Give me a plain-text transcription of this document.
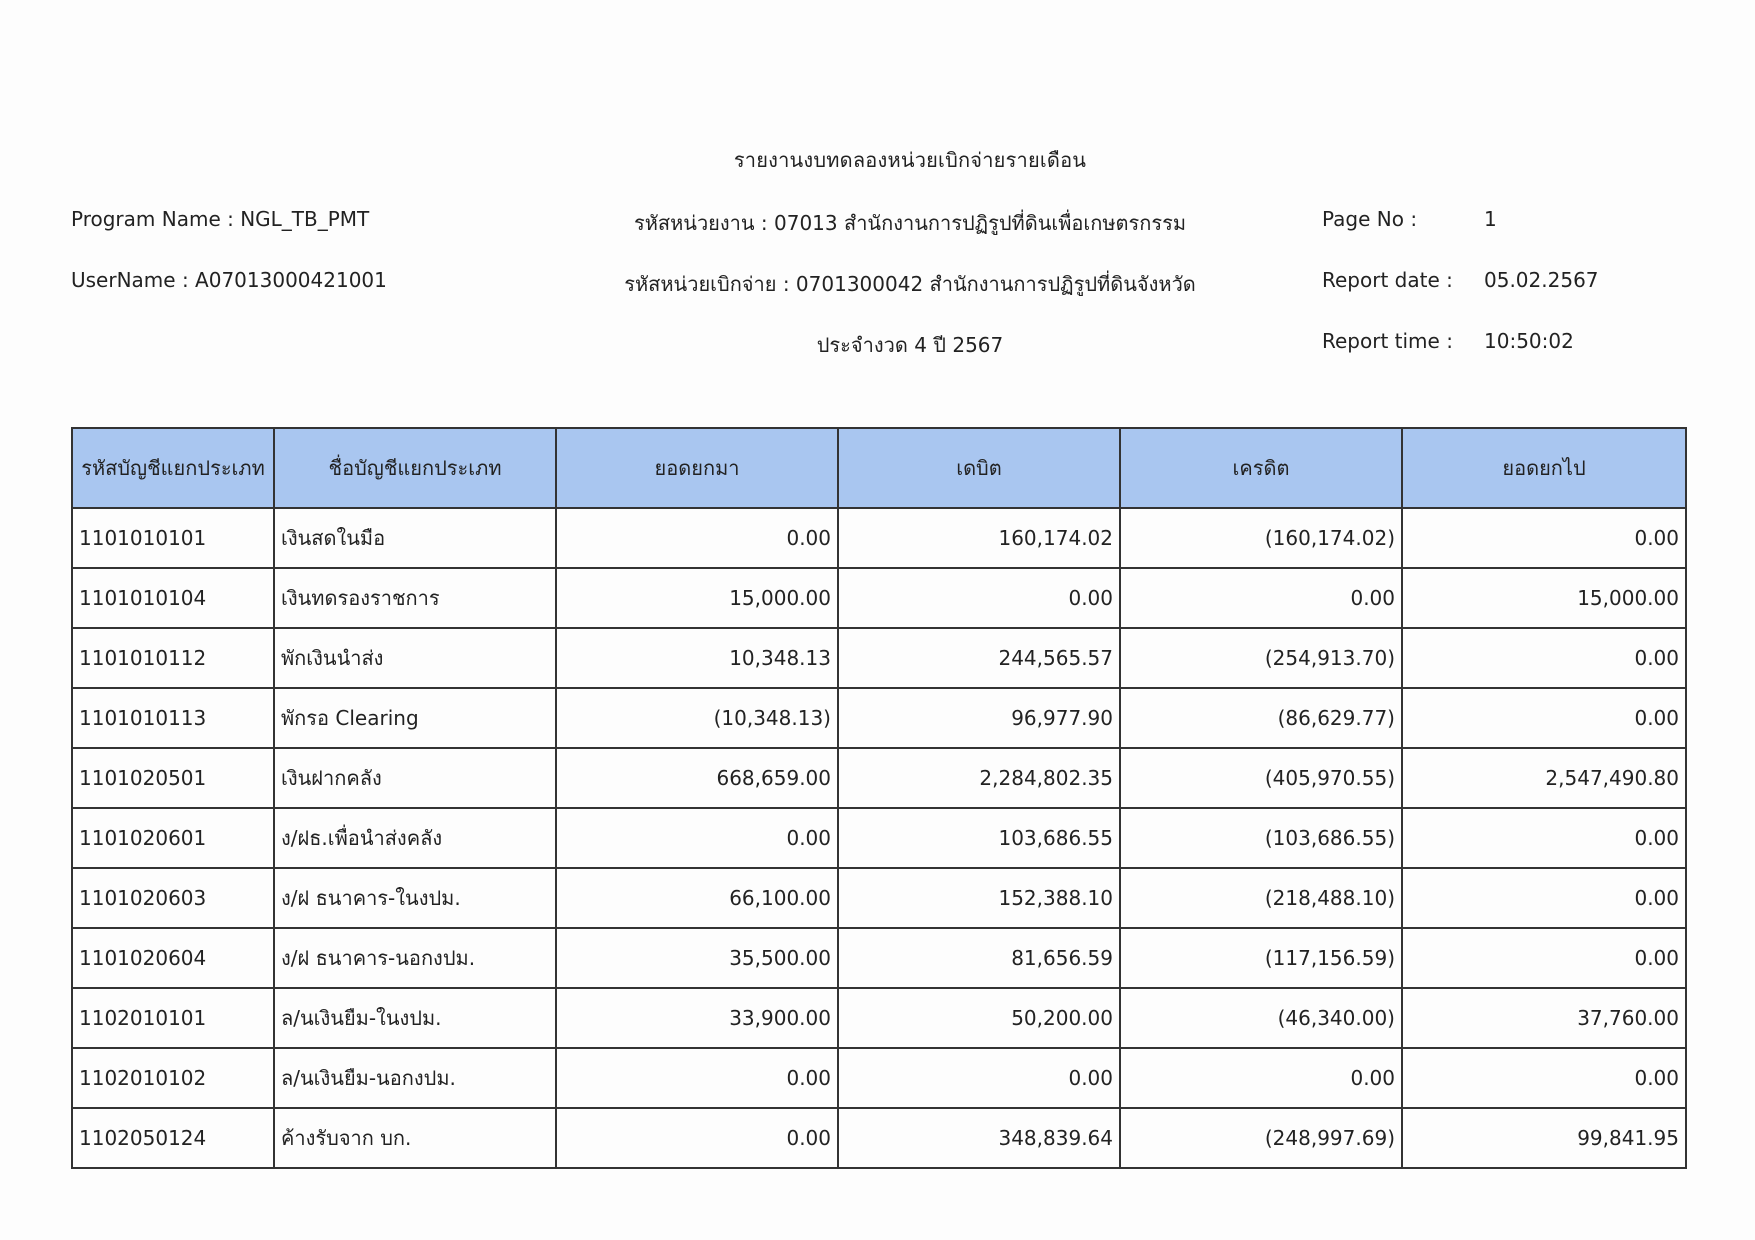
รายงานงบทดลองหน่วยเบิกจ่ายรายเดือน
Program Name : NGL_TB_PMT
UserName : A07013000421001
รหัสหน่วยงาน : 07013 สำนักงานการปฏิรูปที่ดินเพื่อเกษตรกรรม
รหัสหน่วยเบิกจ่าย : 0701300042 สำนักงานการปฏิรูปที่ดินจังหวัด
ประจำงวด 4 ปี 2567
Page No :	1
Report date : 05.02.2567
Report time : 10:50:02
รหัสบัญชีแยกประเภท	ชื่อบัญชีแยกประเภท	ยอดยกมา	เดบิต	เครดิต	ยอดยกไป
1101010101	เงินสดในมือ	0.00	160,174.02	(160,174.02)	0.00
1101010104	เงินทดรองราชการ	15,000.00	0.00	0.00	15,000.00
1101010112	พักเงินนำส่ง	10,348.13	244,565.57	(254,913.70)	0.00
1101010113	พักรอ Clearing	(10,348.13)	96,977.90	(86,629.77)	0.00
1101020501	เงินฝากคลัง	668,659.00	2,284,802.35	(405,970.55)	2,547,490.80
1101020601	ง/ฝธ.เพื่อนำส่งคลัง	0.00	103,686.55	(103,686.55)	0.00
1101020603	ง/ฝ ธนาคาร-ในงปม.	66,100.00	152,388.10	(218,488.10)	0.00
1101020604	ง/ฝ ธนาคาร-นอกงปม.	35,500.00	81,656.59	(117,156.59)	0.00
1102010101	ล/นเงินยืม-ในงปม.	33,900.00	50,200.00	(46,340.00)	37,760.00
1102010102	ล/นเงินยืม-นอกงปม.	0.00	0.00	0.00	0.00
1102050124	ค้างรับจาก บก.	0.00	348,839.64	(248,997.69)	99,841.95
